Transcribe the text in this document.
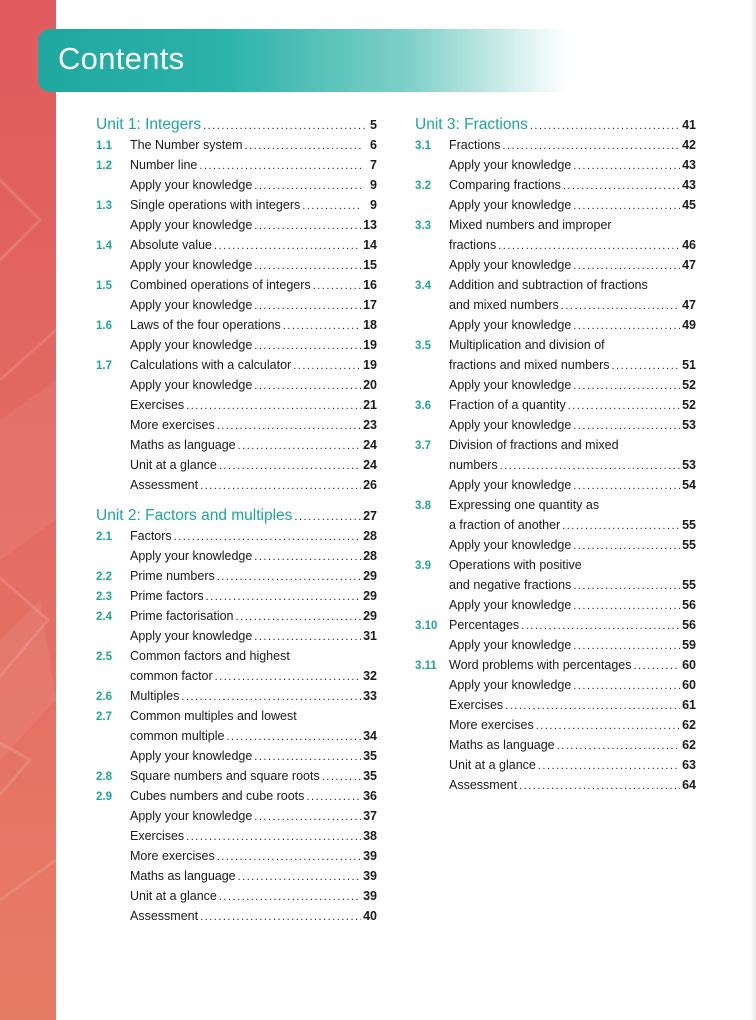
Contents
Unit 1: Integers .....	5
1.1	The Number system .....	6
1.2	Number line .....	7
Apply your knowledge .....	9
1.3	Single operations with integers .....	9
Apply your knowledge .....	13
1.4	Absolute value .....	14
Apply your knowledge .....	15
1.5	Combined operations of integers .....	16
Apply your knowledge .....	17
1.6	Laws of the four operations .....	18
Apply your knowledge .....	19
1.7	Calculations with a calculator .....	19
Apply your knowledge .....	20
Exercises .....	21
More exercises .....	23
Maths as language .....	24
Unit at a glance .....	24
Assessment .....	26
Unit 2: Factors and multiples .....	27
2.1	Factors .....	28
Apply your knowledge .....	28
2.2	Prime numbers .....	29
2.3	Prime factors .....	29
2.4	Prime factorisation .....	29
Apply your knowledge .....	31
2.5	Common factors and highest
common factor .....	32
2.6	Multiples .....	33
2.7	Common multiples and lowest
common multiple .....	34
Apply your knowledge .....	35
2.8	Square numbers and square roots .....	35
2.9	Cubes numbers and cube roots .....	36
Apply your knowledge .....	37
Exercises .....	38
More exercises .....	39
Maths as language .....	39
Unit at a glance .....	39
Assessment .....	40
Unit 3: Fractions .....	41
3.1	Fractions .....	42
Apply your knowledge .....	43
3.2	Comparing fractions .....	43
Apply your knowledge .....	45
3.3	Mixed numbers and improper
fractions .....	46
Apply your knowledge .....	47
3.4	Addition and subtraction of fractions
and mixed numbers .....	47
Apply your knowledge .....	49
3.5	Multiplication and division of
fractions and mixed numbers .....	51
Apply your knowledge .....	52
3.6	Fraction of a quantity .....	52
Apply your knowledge .....	53
3.7	Division of fractions and mixed
numbers .....	53
Apply your knowledge .....	54
3.8	Expressing one quantity as
a fraction of another .....	55
Apply your knowledge .....	55
3.9	Operations with positive
and negative fractions .....	55
Apply your knowledge .....	56
3.10 Percentages .....	56
Apply your knowledge .....	59
3.11 Word problems with percentages .....	60
Apply your knowledge .....	60
Exercises .....	61
More exercises .....	62
Maths as language .....	62
Unit at a glance .....	63
Assessment .....	64
